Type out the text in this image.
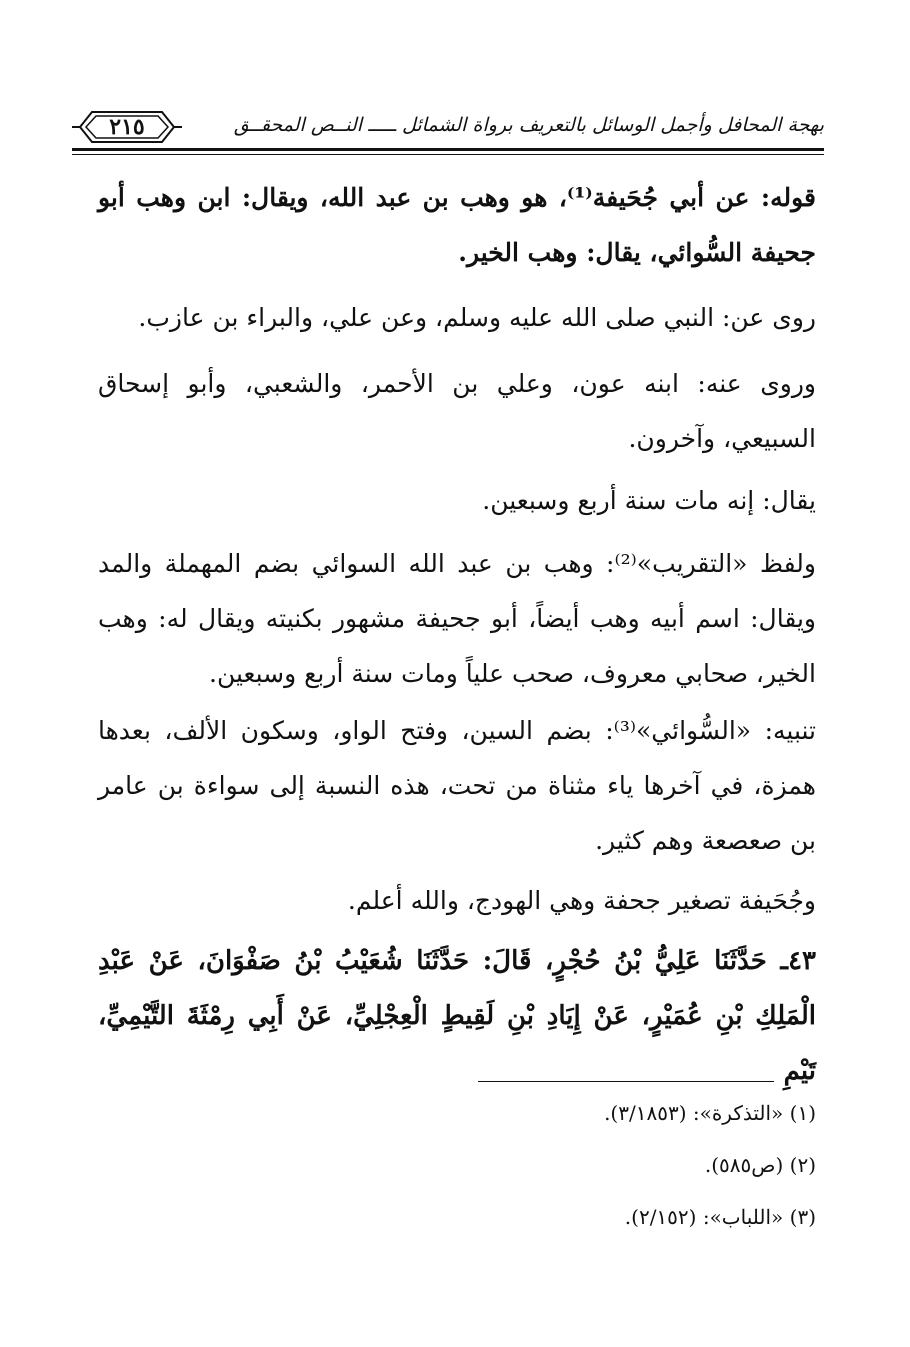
٢١٥	بهجة المحافل وأجمل الوسائل بالتعريف برواة الشمائل ـــــ النــص المحقــق

قوله: عن أبي جُحَيفة⁽¹⁾، هو وهب بن عبد الله، ويقال: ابن وهب أبو جحيفة السُّوائي، يقال: وهب الخير.

روى عن: النبي صلى الله عليه وسلم، وعن علي، والبراء بن عازب.

وروى عنه: ابنه عون، وعلي بن الأحمر، والشعبي، وأبو إسحاق السبيعي، وآخرون.

يقال: إنه مات سنة أربع وسبعين.

ولفظ «التقريب»⁽²⁾: وهب بن عبد الله السوائي بضم المهملة والمد ويقال: اسم أبيه وهب أيضاً، أبو جحيفة مشهور بكنيته ويقال له: وهب الخير، صحابي معروف، صحب علياً ومات سنة أربع وسبعين.

تنبيه: «السُّوائي»⁽³⁾: بضم السين، وفتح الواو، وسكون الألف، بعدها همزة، في آخرها ياء مثناة من تحت، هذه النسبة إلى سواءة بن عامر بن صعصعة وهم كثير.

وجُحَيفة تصغير جحفة وهي الهودج، والله أعلم.

٤٣ـ حَدَّثَنَا عَلِيُّ بْنُ حُجْرٍ، قَالَ: حَدَّثَنَا شُعَيْبُ بْنُ صَفْوَانَ، عَنْ عَبْدِ الْمَلِكِ بْنِ عُمَيْرٍ، عَنْ إِيَادِ بْنِ لَقِيطٍ الْعِجْلِيِّ، عَنْ أَبِي رِمْثَةَ التَّيْمِيِّ، تَيْمِ

(١) «التذكرة»: (٣/١٨٥٣).

(٢) (ص٥٨٥).

(٣) «اللباب»: (٢/١٥٢).
